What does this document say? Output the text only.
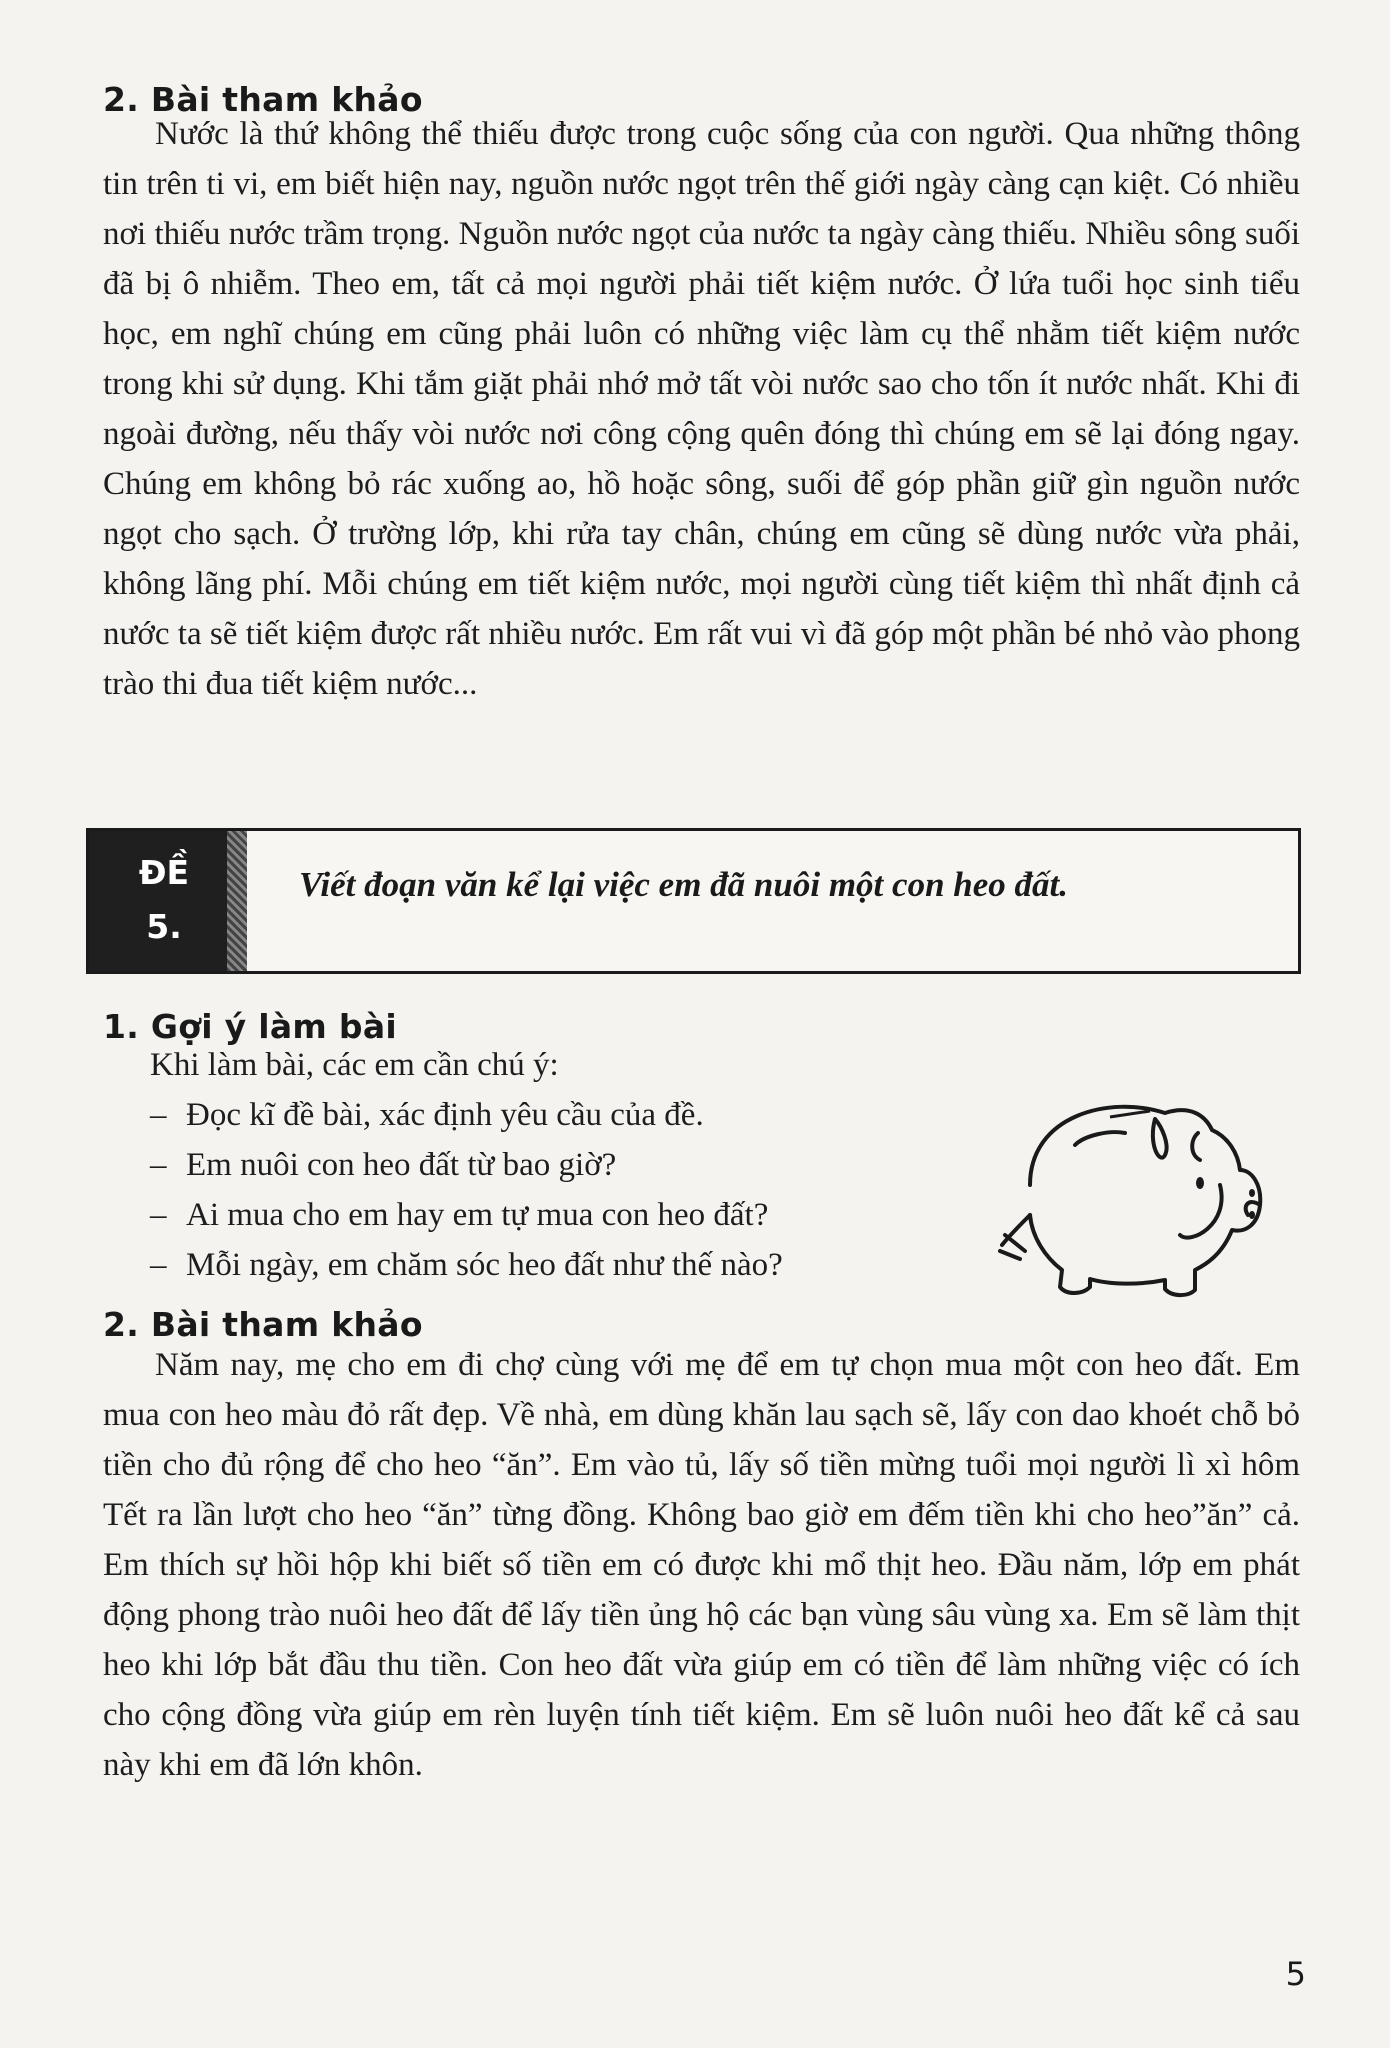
2. Bài tham khảo

Nước là thứ không thể thiếu được trong cuộc sống của con người. Qua những thông tin trên ti vi, em biết hiện nay, nguồn nước ngọt trên thế giới ngày càng cạn kiệt. Có nhiều nơi thiếu nước trầm trọng. Nguồn nước ngọt của nước ta ngày càng thiếu. Nhiều sông suối đã bị ô nhiễm. Theo em, tất cả mọi người phải tiết kiệm nước. Ở lứa tuổi học sinh tiểu học, em nghĩ chúng em cũng phải luôn có những việc làm cụ thể nhằm tiết kiệm nước trong khi sử dụng. Khi tắm giặt phải nhớ mở tất vòi nước sao cho tốn ít nước nhất. Khi đi ngoài đường, nếu thấy vòi nước nơi công cộng quên đóng thì chúng em sẽ lại đóng ngay. Chúng em không bỏ rác xuống ao, hồ hoặc sông, suối để góp phần giữ gìn nguồn nước ngọt cho sạch. Ở trường lớp, khi rửa tay chân, chúng em cũng sẽ dùng nước vừa phải, không lãng phí. Mỗi chúng em tiết kiệm nước, mọi người cùng tiết kiệm thì nhất định cả nước ta sẽ tiết kiệm được rất nhiều nước. Em rất vui vì đã góp một phần bé nhỏ vào phong trào thi đua tiết kiệm nước...

ĐỀ
5.
Viết đoạn văn kể lại việc em đã nuôi một con heo đất.
1. Gợi ý làm bài
Khi làm bài, các em cần chú ý:
– Đọc kĩ đề bài, xác định yêu cầu của đề.
– Em nuôi con heo đất từ bao giờ?
– Ai mua cho em hay em tự mua con heo đất?
– Mỗi ngày, em chăm sóc heo đất như thế nào?
2. Bài tham khảo

Năm nay, mẹ cho em đi chợ cùng với mẹ để em tự chọn mua một con heo đất. Em mua con heo màu đỏ rất đẹp. Về nhà, em dùng khăn lau sạch sẽ, lấy con dao khoét chỗ bỏ tiền cho đủ rộng để cho heo “ăn”. Em vào tủ, lấy số tiền mừng tuổi mọi người lì xì hôm Tết ra lần lượt cho heo “ăn” từng đồng. Không bao giờ em đếm tiền khi cho heo”ăn” cả. Em thích sự hồi hộp khi biết số tiền em có được khi mổ thịt heo. Đầu năm, lớp em phát động phong trào nuôi heo đất để lấy tiền ủng hộ các bạn vùng sâu vùng xa. Em sẽ làm thịt heo khi lớp bắt đầu thu tiền. Con heo đất vừa giúp em có tiền để làm những việc có ích cho cộng đồng vừa giúp em rèn luyện tính tiết kiệm. Em sẽ luôn nuôi heo đất kể cả sau này khi em đã lớn khôn.

5
